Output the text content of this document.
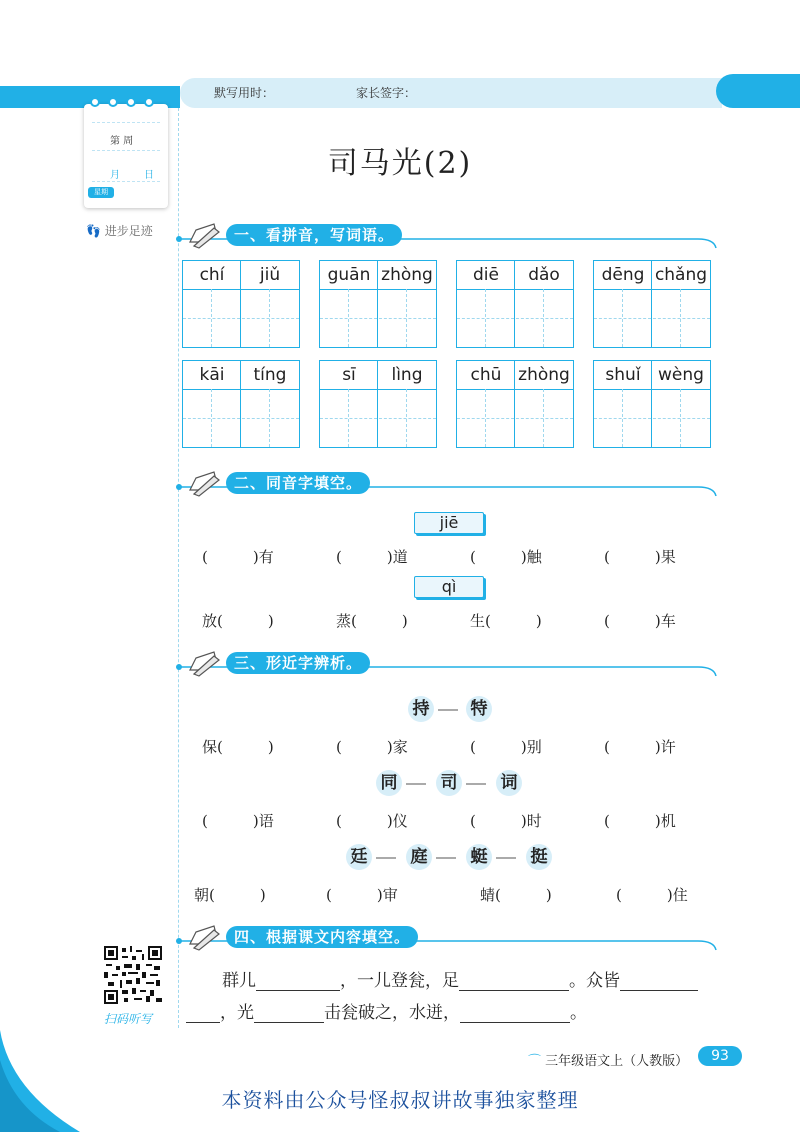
默写用时：	家长签字：
第 周
月 日
星期
👣 进步足迹
司马光(2)
一、看拼音，写词语。
chí	jiǔ	guān zhòng	diē	dǎo	dēng chǎng
kāi	tíng	sī	lìng	chū zhòng	shuǐ	wèng
二、同音字填空。
jiē
(　　　)有	(　　　)道	(　　　)触	(　　　)果
qì
放(　　　)	蒸(　　　)	生(　　　)	(　　　)车
三、形近字辨析。
持 特
保(　　　)	(　　　)家	(　　　)别	(　　　)许
同	司	词
(　　　)语	(　　　)仪	(　　　)时	(　　　)机
廷	庭	蜓	挺
朝(　　　)	(　　　)审	蜻(　　　)	(　　　)住
四、根据课文内容填空。
群儿	，一儿登瓮，足	。众皆
，光	击瓮破之，水迸，	。
扫码听写
⌒ 三年级语文上（人教版）	93
本资料由公众号怪叔叔讲故事独家整理
